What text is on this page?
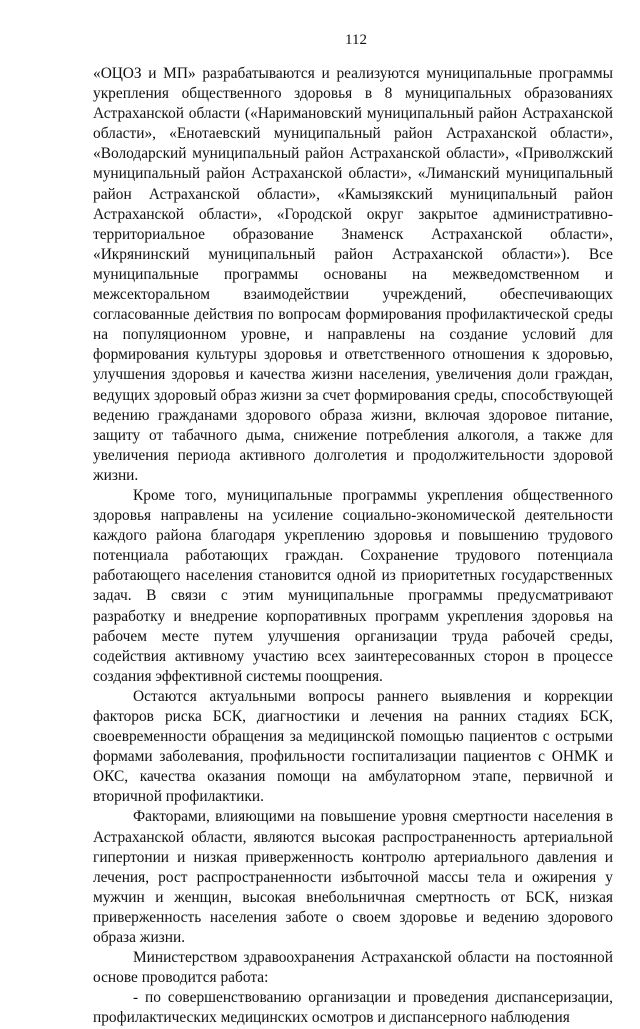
112

«ОЦОЗ и МП» разрабатываются и реализуются муниципальные программы укрепления общественного здоровья в 8 муниципальных образованиях Астраханской области («Наримановский муниципальный район Астраханской области», «Енотаевский муниципальный район Астраханской области», «Володарский муниципальный район Астраханской области», «Приволжский муниципальный район Астраханской области», «Лиманский муниципальный район Астраханской области», «Камызякский муниципальный район Астраханской области», «Городской округ закрытое административно-территориальное образование Знаменск Астраханской области», «Икрянинский муниципальный район Астраханской области»). Все муниципальные программы основаны на межведомственном и межсекторальном взаимодействии учреждений, обеспечивающих согласованные действия по вопросам формирования профилактической среды на популяционном уровне, и направлены на создание условий для формирования культуры здоровья и ответственного отношения к здоровью, улучшения здоровья и качества жизни населения, увеличения доли граждан, ведущих здоровый образ жизни за счет формирования среды, способствующей ведению гражданами здорового образа жизни, включая здоровое питание, защиту от табачного дыма, снижение потребления алкоголя, а также для увеличения периода активного долголетия и продолжительности здоровой жизни.

Кроме того, муниципальные программы укрепления общественного здоровья направлены на усиление социально-экономической деятельности каждого района благодаря укреплению здоровья и повышению трудового потенциала работающих граждан. Сохранение трудового потенциала работающего населения становится одной из приоритетных государственных задач. В связи с этим муниципальные программы предусматривают разработку и внедрение корпоративных программ укрепления здоровья на рабочем месте путем улучшения организации труда рабочей среды, содействия активному участию всех заинтересованных сторон в процессе создания эффективной системы поощрения.

Остаются актуальными вопросы раннего выявления и коррекции факторов риска БСК, диагностики и лечения на ранних стадиях БСК, своевременности обращения за медицинской помощью пациентов с острыми формами заболевания, профильности госпитализации пациентов с ОНМК и ОКС, качества оказания помощи на амбулаторном этапе, первичной и вторичной профилактики.

Факторами, влияющими на повышение уровня смертности населения в Астраханской области, являются высокая распространенность артериальной гипертонии и низкая приверженность контролю артериального давления и лечения, рост распространенности избыточной массы тела и ожирения у мужчин и женщин, высокая внебольничная смертность от БСК, низкая приверженность населения заботе о своем здоровье и ведению здорового образа жизни.

Министерством здравоохранения Астраханской области на постоянной основе проводится работа:

- по совершенствованию организации и проведения диспансеризации, профилактических медицинских осмотров и диспансерного наблюдения
